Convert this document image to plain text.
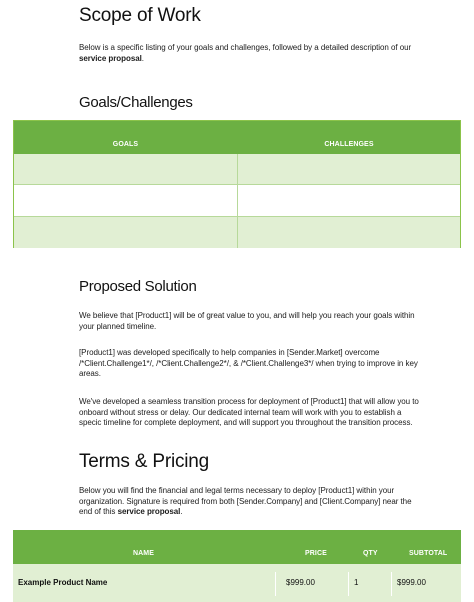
Scope of Work
Below is a specific listing of your goals and challenges, followed by a detailed description of our service proposal.
Goals/Challenges
GOALS	CHALLENGES
Proposed Solution
We believe that [Product1] will be of great value to you, and will help you reach your goals within your planned timeline.
[Product1] was developed specifically to help companies in [Sender.Market] overcome /*Client.Challenge1*/, /*Client.Challenge2*/, & /*Client.Challenge3*/ when trying to improve in key areas.
We've developed a seamless transition process for deployment of [Product1] that will allow you to onboard without stress or delay. Our dedicated internal team will work with you to establish a specic timeline for complete deployment, and will support you throughout the transition process.
Terms & Pricing
Below you will find the financial and legal terms necessary to deploy [Product1] within your organization. Signature is required from both [Sender.Company] and [Client.Company] near the end of this service proposal.
NAME	PRICE	QTY	SUBTOTAL
Example Product Name	$999.00	1	$999.00
